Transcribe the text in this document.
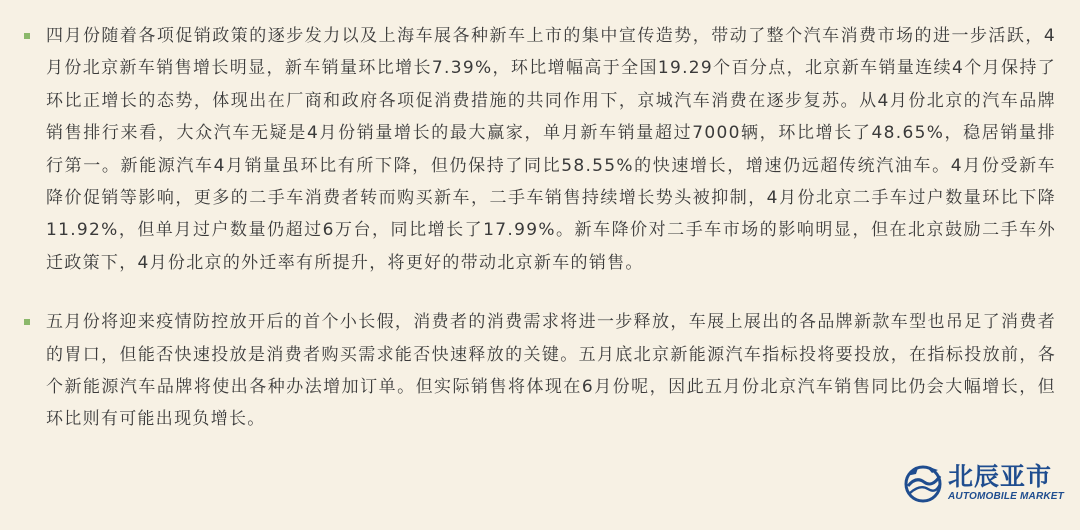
四月份随着各项促销政策的逐步发力以及上海车展各种新车上市的集中宣传造势，带动了整个汽车消费市场的进一步活跃，4月份北京新车销售增长明显，新车销量环比增长7.39%，环比增幅高于全国19.29个百分点，北京新车销量连续4个月保持了环比正增长的态势，体现出在厂商和政府各项促消费措施的共同作用下，京城汽车消费在逐步复苏。从4月份北京的汽车品牌销售排行来看，大众汽车无疑是4月份销量增长的最大赢家，单月新车销量超过7000辆，环比增长了48.65%，稳居销量排行第一。新能源汽车4月销量虽环比有所下降，但仍保持了同比58.55%的快速增长，增速仍远超传统汽油车。4月份受新车降价促销等影响，更多的二手车消费者转而购买新车，二手车销售持续增长势头被抑制，4月份北京二手车过户数量环比下降11.92%，但单月过户数量仍超过6万台，同比增长了17.99%。新车降价对二手车市场的影响明显，但在北京鼓励二手车外迁政策下，4月份北京的外迁率有所提升，将更好的带动北京新车的销售。

五月份将迎来疫情防控放开后的首个小长假，消费者的消费需求将进一步释放，车展上展出的各品牌新款车型也吊足了消费者的胃口，但能否快速投放是消费者购买需求能否快速释放的关键。五月底北京新能源汽车指标投将要投放，在指标投放前，各个新能源汽车品牌将使出各种办法增加订单。但实际销售将体现在6月份呢，因此五月份北京汽车销售同比仍会大幅增长，但环比则有可能出现负增长。

北辰亚市
AUTOMOBILE MARKET
